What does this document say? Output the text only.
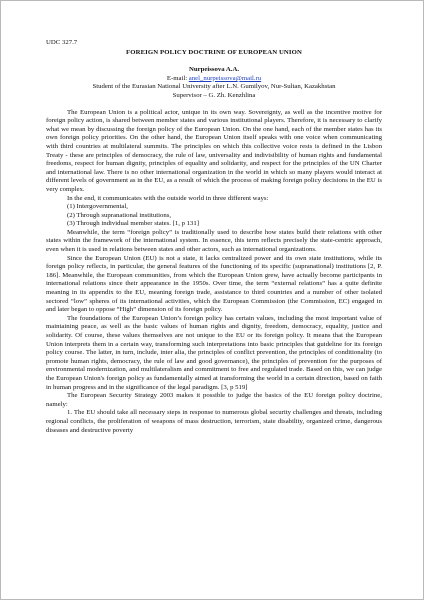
UDC 327.7

FOREIGN POLICY DOCTRINE OF EUROPEAN UNION

Nurpeissova A.A.

E-mail: anel_nurpeissova@mail.ru

Student of the Eurasian National University after L.N. Gumilyov, Nur-Sultan, Kazakhstan

Supervisor – G. Zh. Kenzhlina

The European Union is a political actor, unique in its own way. Sovereignty, as well as the incentive motive for foreign policy action, is shared between member states and various institutional players. Therefore, it is necessary to clarify what we mean by discussing the foreign policy of the European Union. On the one hand, each of the member states has its own foreign policy priorities. On the other hand, the European Union itself speaks with one voice when communicating with third countries at multilateral summits. The principles on which this collective voice rests is defined in the Lisbon Treaty - these are principles of democracy, the rule of law, universality and indivisibility of human rights and fundamental freedoms, respect for human dignity, principles of equality and solidarity, and respect for the principles of the UN Charter and international law. There is no other international organization in the world in which so many players would interact at different levels of government as in the EU, as a result of which the process of making foreign policy decisions in the EU is very complex.

In the end, it communicates with the outside world in three different ways:

(1) Intergovernmental,

(2) Through supranational institutions,

(3) Through individual member states. [1, p 131]

Meanwhile, the term “foreign policy” is traditionally used to describe how states build their relations with other states within the framework of the international system. In essence, this term reflects precisely the state-centric approach, even when it is used in relations between states and other actors, such as international organizations.

Since the European Union (EU) is not a state, it lacks centralized power and its own state institutions, while its foreign policy reflects, in particular, the general features of the functioning of its specific (supranational) institutions [2, P. 186]. Meanwhile, the European communities, from which the European Union grew, have actually become participants in international relations since their appearance in the 1950s. Over time, the term “external relations” has a quite definite meaning in its appendix to the EU, meaning foreign trade, assistance to third countries and a number of other isolated sectored “low” spheres of its international activities, which the European Commission (the Commission, EC) engaged in and later began to oppose “High” dimension of its foreign policy.

The foundations of the European Union’s foreign policy has certain values, including the most important value of maintaining peace, as well as the basic values of human rights and dignity, freedom, democracy, equality, justice and solidarity. Of course, these values themselves are not unique to the EU or its foreign policy. It means that the European Union interprets them in a certain way, transforming such interpretations into basic principles that guideline for its foreign policy course. The latter, in turn, include, inter alia, the principles of conflict prevention, the principles of conditionality (to promote human rights, democracy, the rule of law and good governance), the principles of prevention for the purposes of environmental modernization, and multilateralism and commitment to free and regulated trade. Based on this, we can judge the European Union's foreign policy as fundamentally aimed at transforming the world in a certain direction, based on faith in human progress and in the significance of the legal paradigm. [3, p 519]

The European Security Strategy 2003 makes it possible to judge the basics of the EU foreign policy doctrine, namely:

1. The EU should take all necessary steps in response to numerous global security challenges and threats, including regional conflicts, the proliferation of weapons of mass destruction, terrorism, state disability, organized crime, dangerous diseases and destructive poverty
